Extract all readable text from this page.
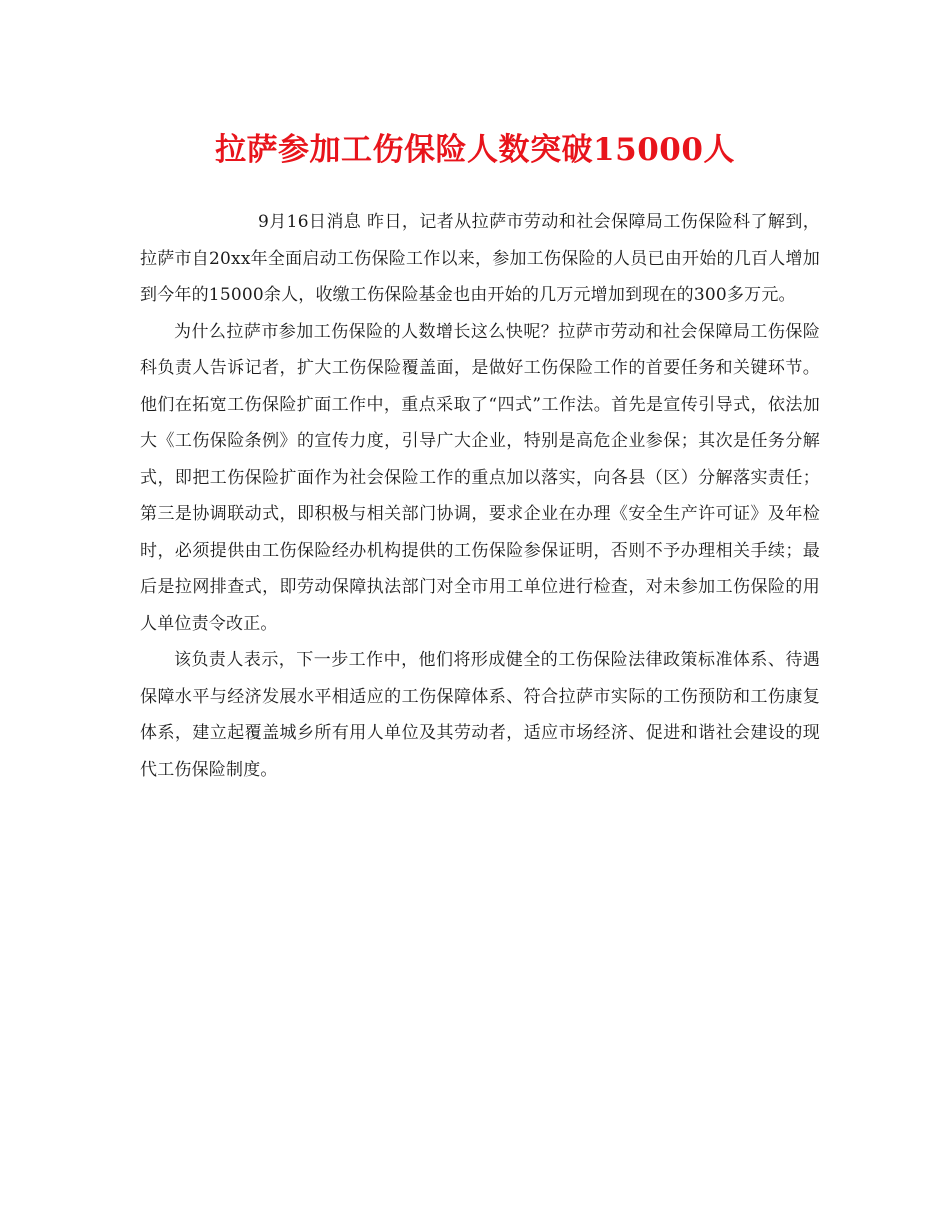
拉萨参加工伤保险人数突破15000人

9月16日消息 昨日，记者从拉萨市劳动和社会保障局工伤保险科了解到，拉萨市自20xx年全面启动工伤保险工作以来，参加工伤保险的人员已由开始的几百人增加到今年的15000余人，收缴工伤保险基金也由开始的几万元增加到现在的300多万元。

为什么拉萨市参加工伤保险的人数增长这么快呢？拉萨市劳动和社会保障局工伤保险科负责人告诉记者，扩大工伤保险覆盖面，是做好工伤保险工作的首要任务和关键环节。他们在拓宽工伤保险扩面工作中，重点采取了“四式”工作法。首先是宣传引导式，依法加大《工伤保险条例》的宣传力度，引导广大企业，特别是高危企业参保；其次是任务分解式，即把工伤保险扩面作为社会保险工作的重点加以落实，向各县（区）分解落实责任；第三是协调联动式，即积极与相关部门协调，要求企业在办理《安全生产许可证》及年检时，必须提供由工伤保险经办机构提供的工伤保险参保证明，否则不予办理相关手续；最后是拉网排查式，即劳动保障执法部门对全市用工单位进行检查，对未参加工伤保险的用人单位责令改正。

该负责人表示，下一步工作中，他们将形成健全的工伤保险法律政策标准体系、待遇保障水平与经济发展水平相适应的工伤保障体系、符合拉萨市实际的工伤预防和工伤康复体系，建立起覆盖城乡所有用人单位及其劳动者，适应市场经济、促进和谐社会建设的现代工伤保险制度。
